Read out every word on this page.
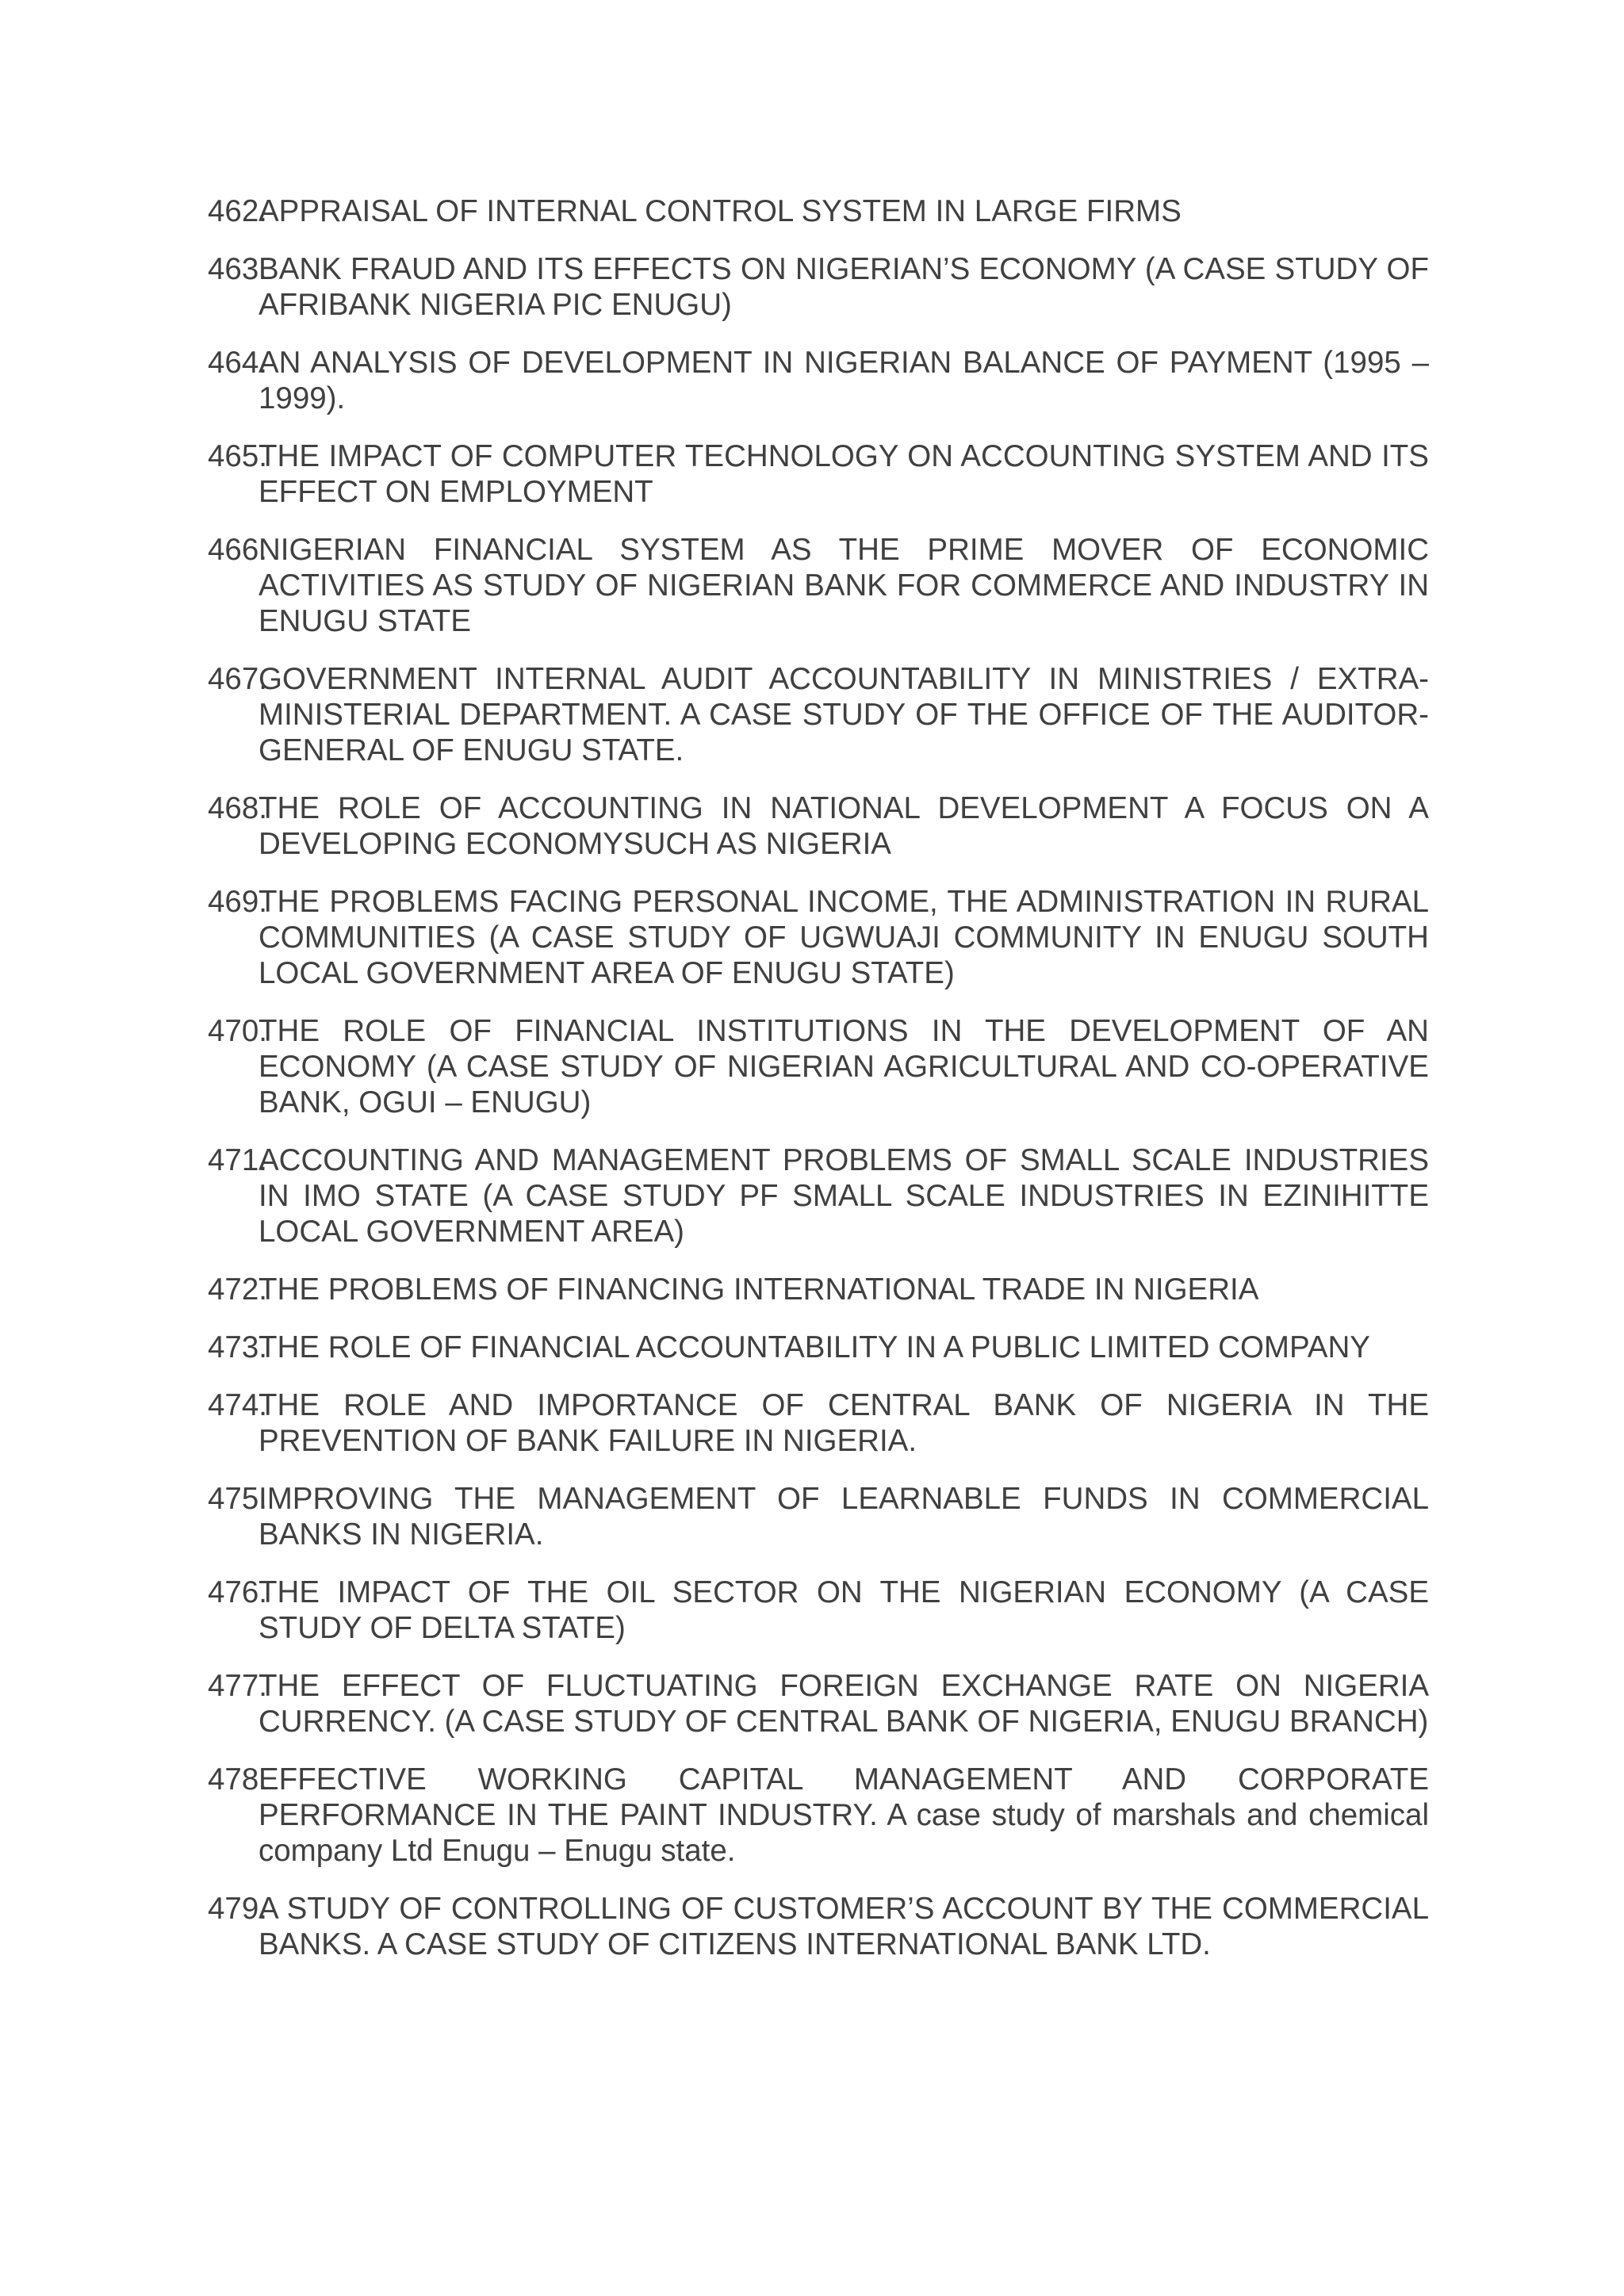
462.APPRAISAL OF INTERNAL CONTROL SYSTEM IN LARGE FIRMS
463.BANK FRAUD AND ITS EFFECTS ON NIGERIAN’S ECONOMY (A CASE STUDY OF AFRIBANK NIGERIA PIC ENUGU)
464.AN ANALYSIS OF DEVELOPMENT IN NIGERIAN BALANCE OF PAYMENT (1995 – 1999).
465.THE IMPACT OF COMPUTER TECHNOLOGY ON ACCOUNTING SYSTEM AND ITS EFFECT ON EMPLOYMENT
466.NIGERIAN FINANCIAL SYSTEM AS THE PRIME MOVER OF ECONOMIC ACTIVITIES AS STUDY OF NIGERIAN BANK FOR COMMERCE AND INDUSTRY IN ENUGU STATE
467.GOVERNMENT INTERNAL AUDIT ACCOUNTABILITY IN MINISTRIES / EXTRA-MINISTERIAL DEPARTMENT. A CASE STUDY OF THE OFFICE OF THE AUDITOR-GENERAL OF ENUGU STATE.
468.THE ROLE OF ACCOUNTING IN NATIONAL DEVELOPMENT A FOCUS ON A DEVELOPING ECONOMYSUCH AS NIGERIA
469.THE PROBLEMS FACING PERSONAL INCOME, THE ADMINISTRATION IN RURAL COMMUNITIES (A CASE STUDY OF UGWUAJI COMMUNITY IN ENUGU SOUTH LOCAL GOVERNMENT AREA OF ENUGU STATE)
470.THE ROLE OF FINANCIAL INSTITUTIONS IN THE DEVELOPMENT OF AN ECONOMY (A CASE STUDY OF NIGERIAN AGRICULTURAL AND CO-OPERATIVE BANK, OGUI – ENUGU)
471.ACCOUNTING AND MANAGEMENT PROBLEMS OF SMALL SCALE INDUSTRIES IN IMO STATE (A CASE STUDY PF SMALL SCALE INDUSTRIES IN EZINIHITTE LOCAL GOVERNMENT AREA)
472.THE PROBLEMS OF FINANCING INTERNATIONAL TRADE IN NIGERIA
473.THE ROLE OF FINANCIAL ACCOUNTABILITY IN A PUBLIC LIMITED COMPANY
474.THE ROLE AND IMPORTANCE OF CENTRAL BANK OF NIGERIA IN THE PREVENTION OF BANK FAILURE IN NIGERIA.
475.IMPROVING THE MANAGEMENT OF LEARNABLE FUNDS IN COMMERCIAL BANKS IN NIGERIA.
476.THE IMPACT OF THE OIL SECTOR ON THE NIGERIAN ECONOMY (A CASE STUDY OF DELTA STATE)
477.THE EFFECT OF FLUCTUATING FOREIGN EXCHANGE RATE ON NIGERIA CURRENCY. (A CASE STUDY OF CENTRAL BANK OF NIGERIA, ENUGU BRANCH)
478.EFFECTIVE WORKING CAPITAL MANAGEMENT AND CORPORATE PERFORMANCE IN THE PAINT INDUSTRY. A case study of marshals and chemical company Ltd Enugu – Enugu state.
479.A STUDY OF CONTROLLING OF CUSTOMER’S ACCOUNT BY THE COMMERCIAL BANKS. A CASE STUDY OF CITIZENS INTERNATIONAL BANK LTD.
